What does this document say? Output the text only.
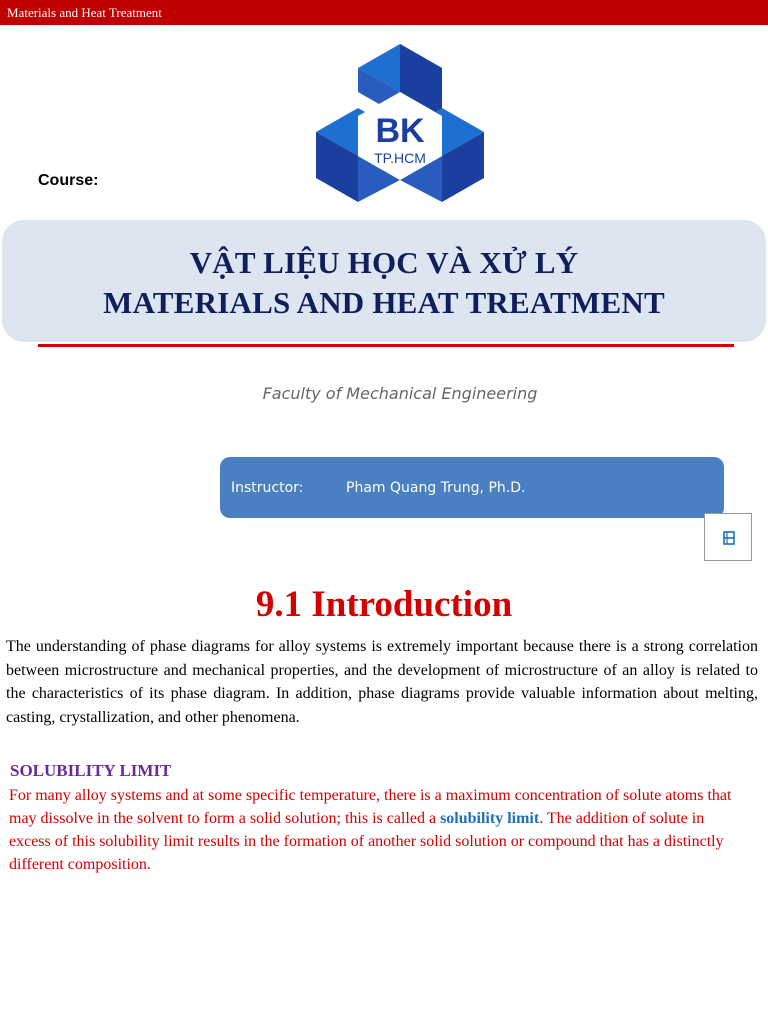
Materials and Heat Treatment
BK
TP.HCM
Course:
VẬT LIỆU HỌC VÀ XỬ LÝ
MATERIALS AND HEAT TREATMENT
Faculty of Mechanical Engineering
Instructor:	Pham Quang Trung, Ph.D.
9.1 Introduction

The understanding of phase diagrams for alloy systems is extremely important because there is a strong correlation between microstructure and mechanical properties, and the development of microstructure of an alloy is related to the characteristics of its phase diagram. In addition, phase diagrams provide valuable information about melting, casting, crystallization, and other phenomena.

SOLUBILITY LIMIT

For many alloy systems and at some specific temperature, there is a maximum concentration of solute atoms that may dissolve in the solvent to form a solid solution; this is called a solubility limit. The addition of solute in excess of this solubility limit results in the formation of another solid solution or compound that has a distinctly different composition.
